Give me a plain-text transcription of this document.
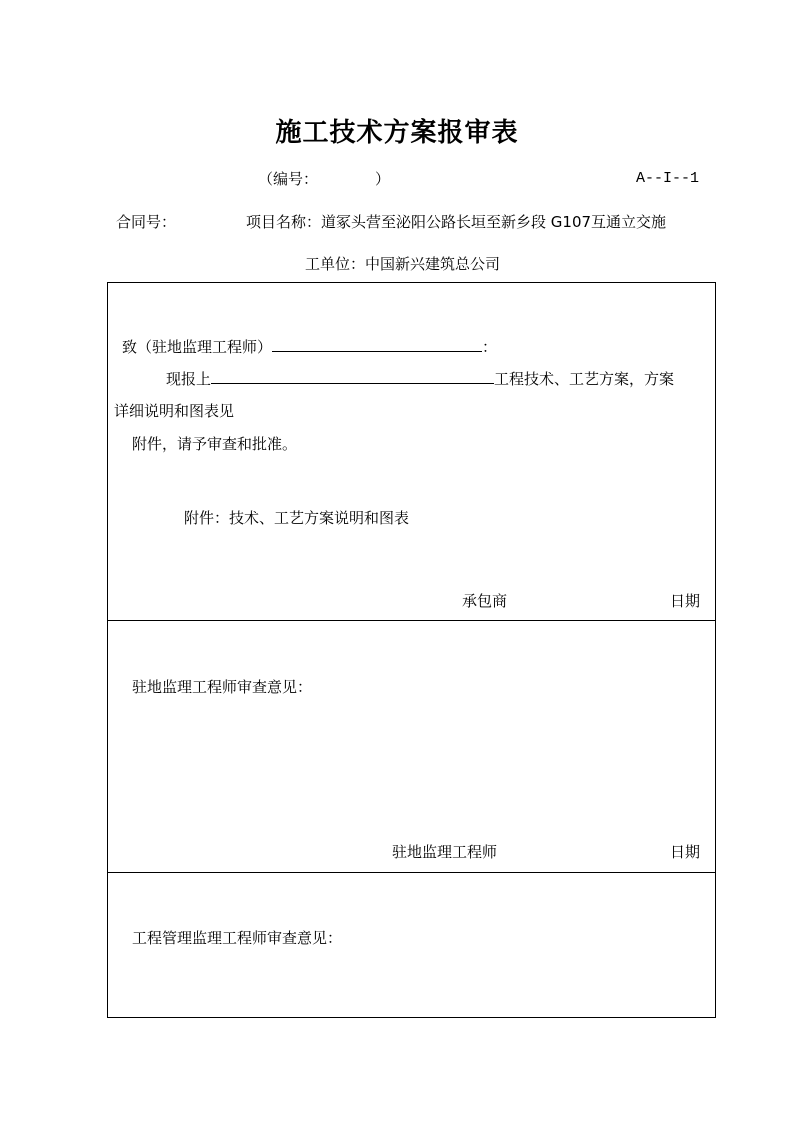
施工技术方案报审表
（编号：	）	A--I--1
合同号：	项目名称：道冢头营至泌阳公路长垣至新乡段 G107互通立交施
工单位：中国新兴建筑总公司
致（驻地监理工程师）	：
现报上	工程技术、工艺方案，方案
详细说明和图表见
附件，请予审查和批准。
附件：技术、工艺方案说明和图表
承包商	日期
驻地监理工程师审查意见：
驻地监理工程师	日期
工程管理监理工程师审查意见：
